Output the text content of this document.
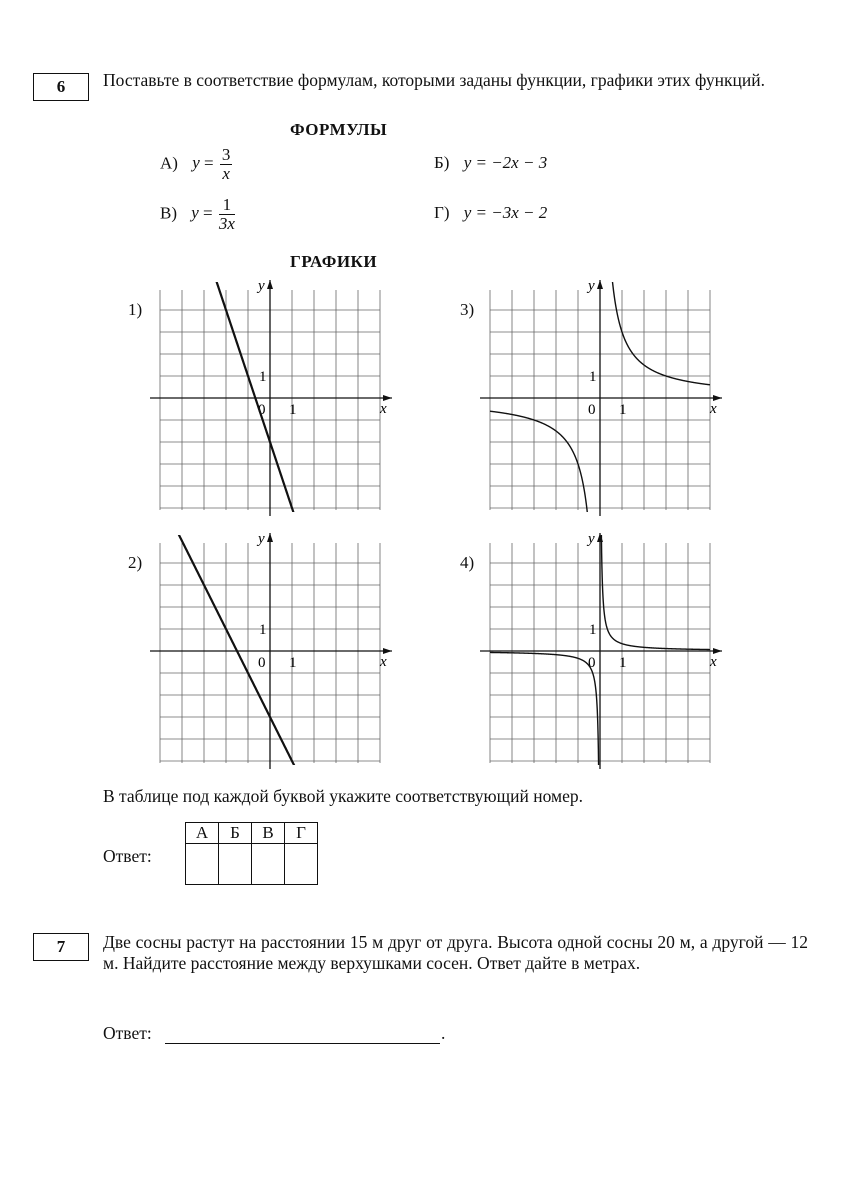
6	Поставьте в соответствие формулам, которыми заданы функции, графики этих функций.
ФОРМУЛЫ
А) $y = \frac{3}{x}$	Б) y = −2x − 3
В) $y = \frac{1}{3x}$	Г) y = −3x − 2
ГРАФИКИ
1)	3)
2)	4)
x
y
0 1
1
x
y
0 1
1
x
y
0 1
1
x
y
0 1
1
В таблице под каждой буквой укажите соответствующий номер.
Ответ:
А	Б	В	Г

7	Две сосны растут на расстоянии 15 м друг от друга. Высота одной сосны 20 м, а другой — 12 м. Найдите расстояние между верхушками сосен. Ответ дайте в метрах.
Ответ:	.
